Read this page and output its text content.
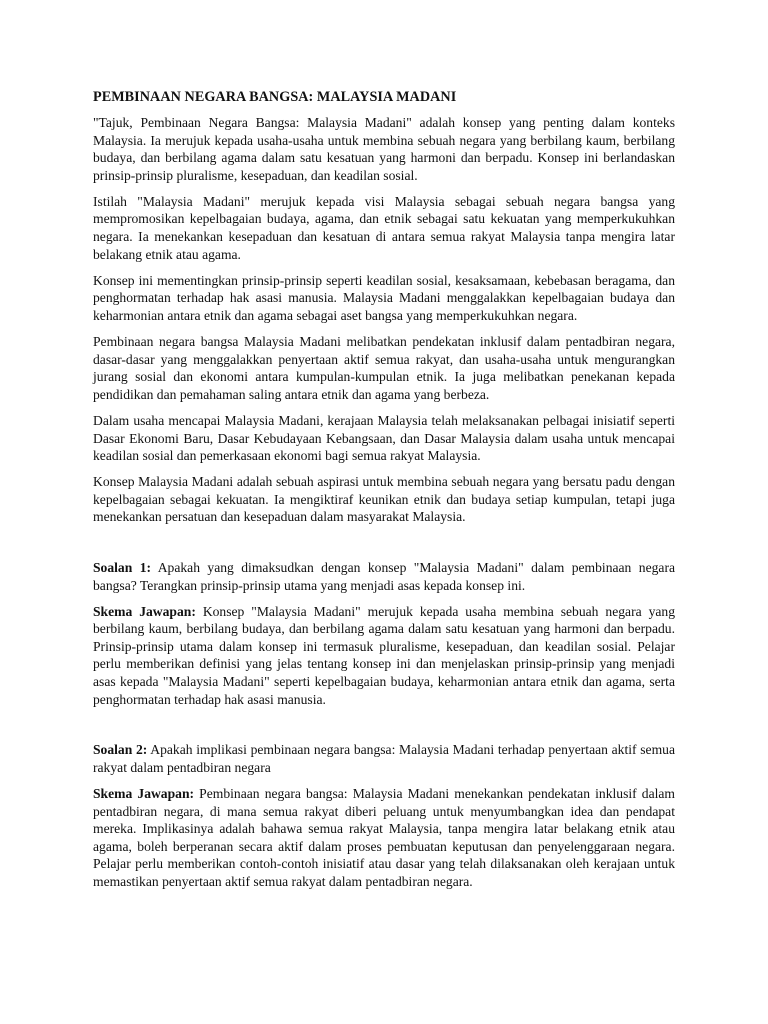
PEMBINAAN NEGARA BANGSA: MALAYSIA MADANI

"Tajuk, Pembinaan Negara Bangsa: Malaysia Madani" adalah konsep yang penting dalam konteks Malaysia. Ia merujuk kepada usaha-usaha untuk membina sebuah negara yang berbilang kaum, berbilang budaya, dan berbilang agama dalam satu kesatuan yang harmoni dan berpadu. Konsep ini berlandaskan prinsip-prinsip pluralisme, kesepaduan, dan keadilan sosial.

Istilah "Malaysia Madani" merujuk kepada visi Malaysia sebagai sebuah negara bangsa yang mempromosikan kepelbagaian budaya, agama, dan etnik sebagai satu kekuatan yang memperkukuhkan negara. Ia menekankan kesepaduan dan kesatuan di antara semua rakyat Malaysia tanpa mengira latar belakang etnik atau agama.

Konsep ini mementingkan prinsip-prinsip seperti keadilan sosial, kesaksamaan, kebebasan beragama, dan penghormatan terhadap hak asasi manusia. Malaysia Madani menggalakkan kepelbagaian budaya dan keharmonian antara etnik dan agama sebagai aset bangsa yang memperkukuhkan negara.

Pembinaan negara bangsa Malaysia Madani melibatkan pendekatan inklusif dalam pentadbiran negara, dasar-dasar yang menggalakkan penyertaan aktif semua rakyat, dan usaha-usaha untuk mengurangkan jurang sosial dan ekonomi antara kumpulan-kumpulan etnik. Ia juga melibatkan penekanan kepada pendidikan dan pemahaman saling antara etnik dan agama yang berbeza.

Dalam usaha mencapai Malaysia Madani, kerajaan Malaysia telah melaksanakan pelbagai inisiatif seperti Dasar Ekonomi Baru, Dasar Kebudayaan Kebangsaan, dan Dasar Malaysia dalam usaha untuk mencapai keadilan sosial dan pemerkasaan ekonomi bagi semua rakyat Malaysia.

Konsep Malaysia Madani adalah sebuah aspirasi untuk membina sebuah negara yang bersatu padu dengan kepelbagaian sebagai kekuatan. Ia mengiktiraf keunikan etnik dan budaya setiap kumpulan, tetapi juga menekankan persatuan dan kesepaduan dalam masyarakat Malaysia.

Soalan 1: Apakah yang dimaksudkan dengan konsep "Malaysia Madani" dalam pembinaan negara bangsa? Terangkan prinsip-prinsip utama yang menjadi asas kepada konsep ini.

Skema Jawapan: Konsep "Malaysia Madani" merujuk kepada usaha membina sebuah negara yang berbilang kaum, berbilang budaya, dan berbilang agama dalam satu kesatuan yang harmoni dan berpadu. Prinsip-prinsip utama dalam konsep ini termasuk pluralisme, kesepaduan, dan keadilan sosial. Pelajar perlu memberikan definisi yang jelas tentang konsep ini dan menjelaskan prinsip-prinsip yang menjadi asas kepada "Malaysia Madani" seperti kepelbagaian budaya, keharmonian antara etnik dan agama, serta penghormatan terhadap hak asasi manusia.

Soalan 2: Apakah implikasi pembinaan negara bangsa: Malaysia Madani terhadap penyertaan aktif semua rakyat dalam pentadbiran negara

Skema Jawapan: Pembinaan negara bangsa: Malaysia Madani menekankan pendekatan inklusif dalam pentadbiran negara, di mana semua rakyat diberi peluang untuk menyumbangkan idea dan pendapat mereka. Implikasinya adalah bahawa semua rakyat Malaysia, tanpa mengira latar belakang etnik atau agama, boleh berperanan secara aktif dalam proses pembuatan keputusan dan penyelenggaraan negara. Pelajar perlu memberikan contoh-contoh inisiatif atau dasar yang telah dilaksanakan oleh kerajaan untuk memastikan penyertaan aktif semua rakyat dalam pentadbiran negara.
